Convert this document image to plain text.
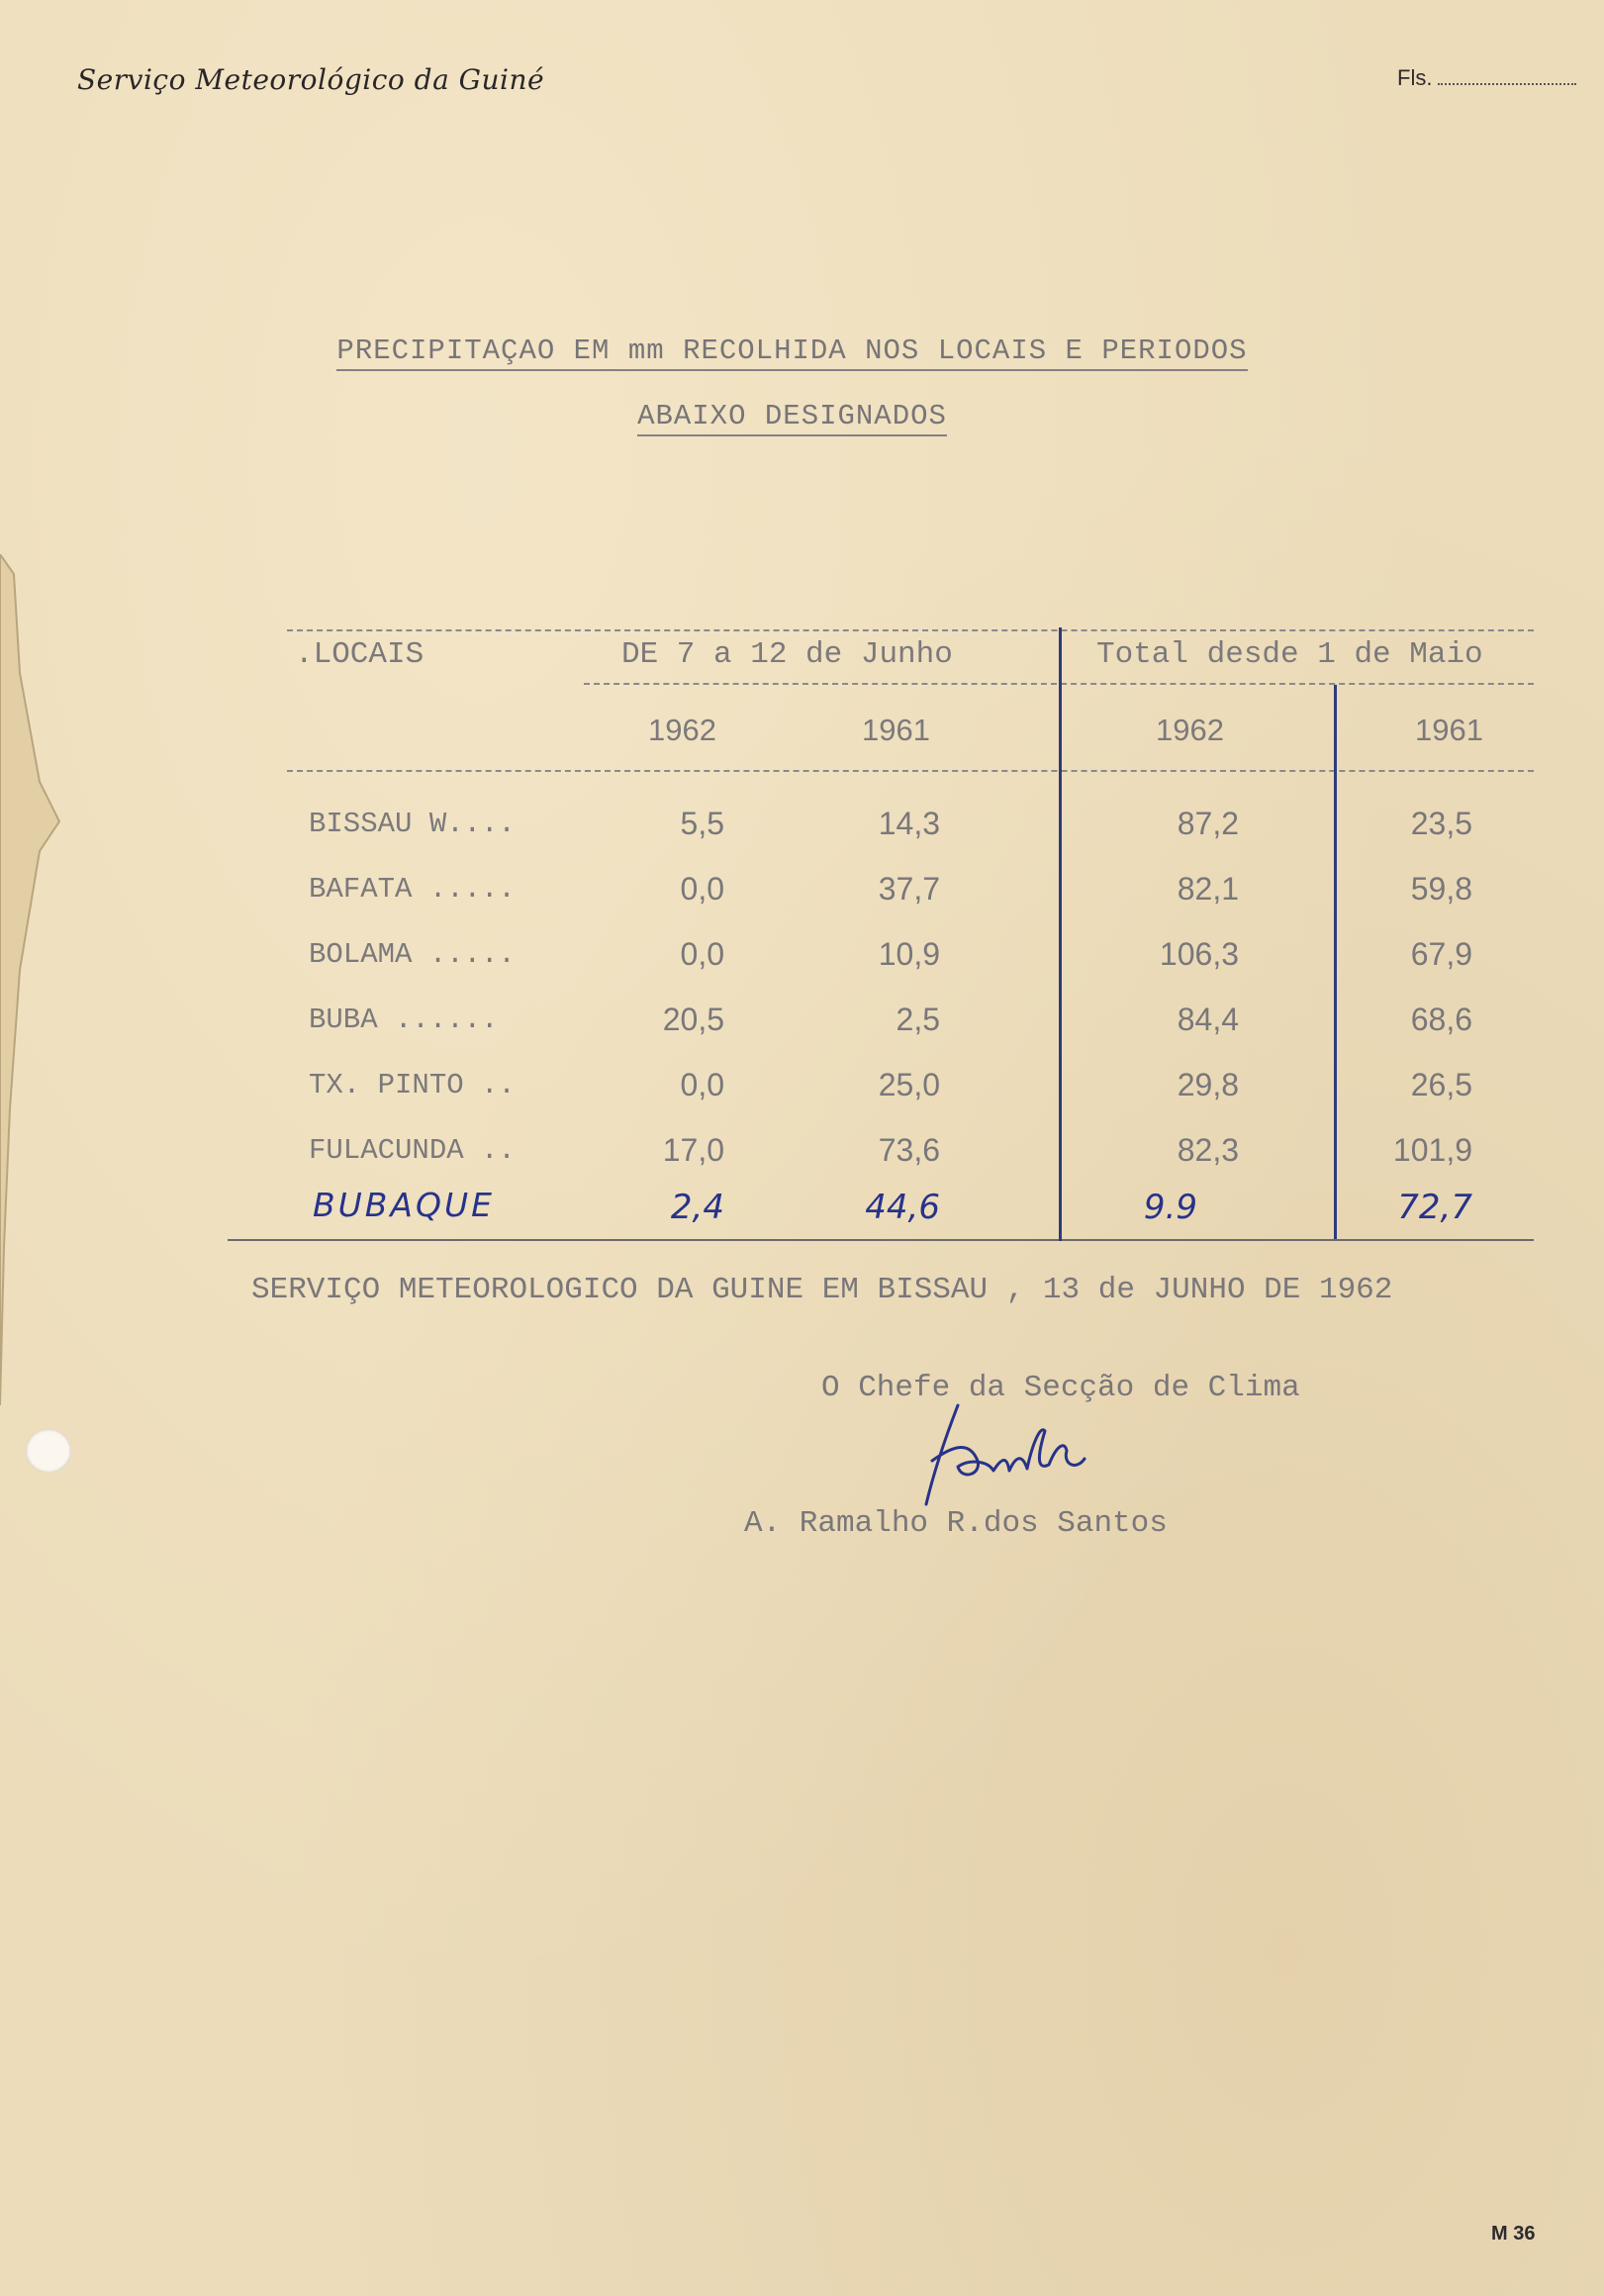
Serviço Meteorológico da Guiné	Fls.
PRECIPITAÇAO EM mm RECOLHIDA NOS LOCAIS E PERIODOS
ABAIXO DESIGNADOS
.LOCAIS	DE 7 a 12 de Junho	Total desde 1 de Maio
1962	1961	1962	1961
BISSAU W....	5,5	14,3	87,2	23,5
BAFATA .....	0,0	37,7	82,1	59,8
BOLAMA .....	0,0	10,9	106,3	67,9
BUBA ......	20,5	2,5	84,4	68,6
TX. PINTO ..	0,0	25,0	29,8	26,5
FULACUNDA ..	17,0	73,6	82,3	101,9
BUBAQUE	2,4	44,6	9.9	72,7
SERVIÇO METEOROLOGICO DA GUINE EM BISSAU , 13 de JUNHO DE 1962
O Chefe da Secção de Clima
A. Ramalho R.dos Santos
M 36
